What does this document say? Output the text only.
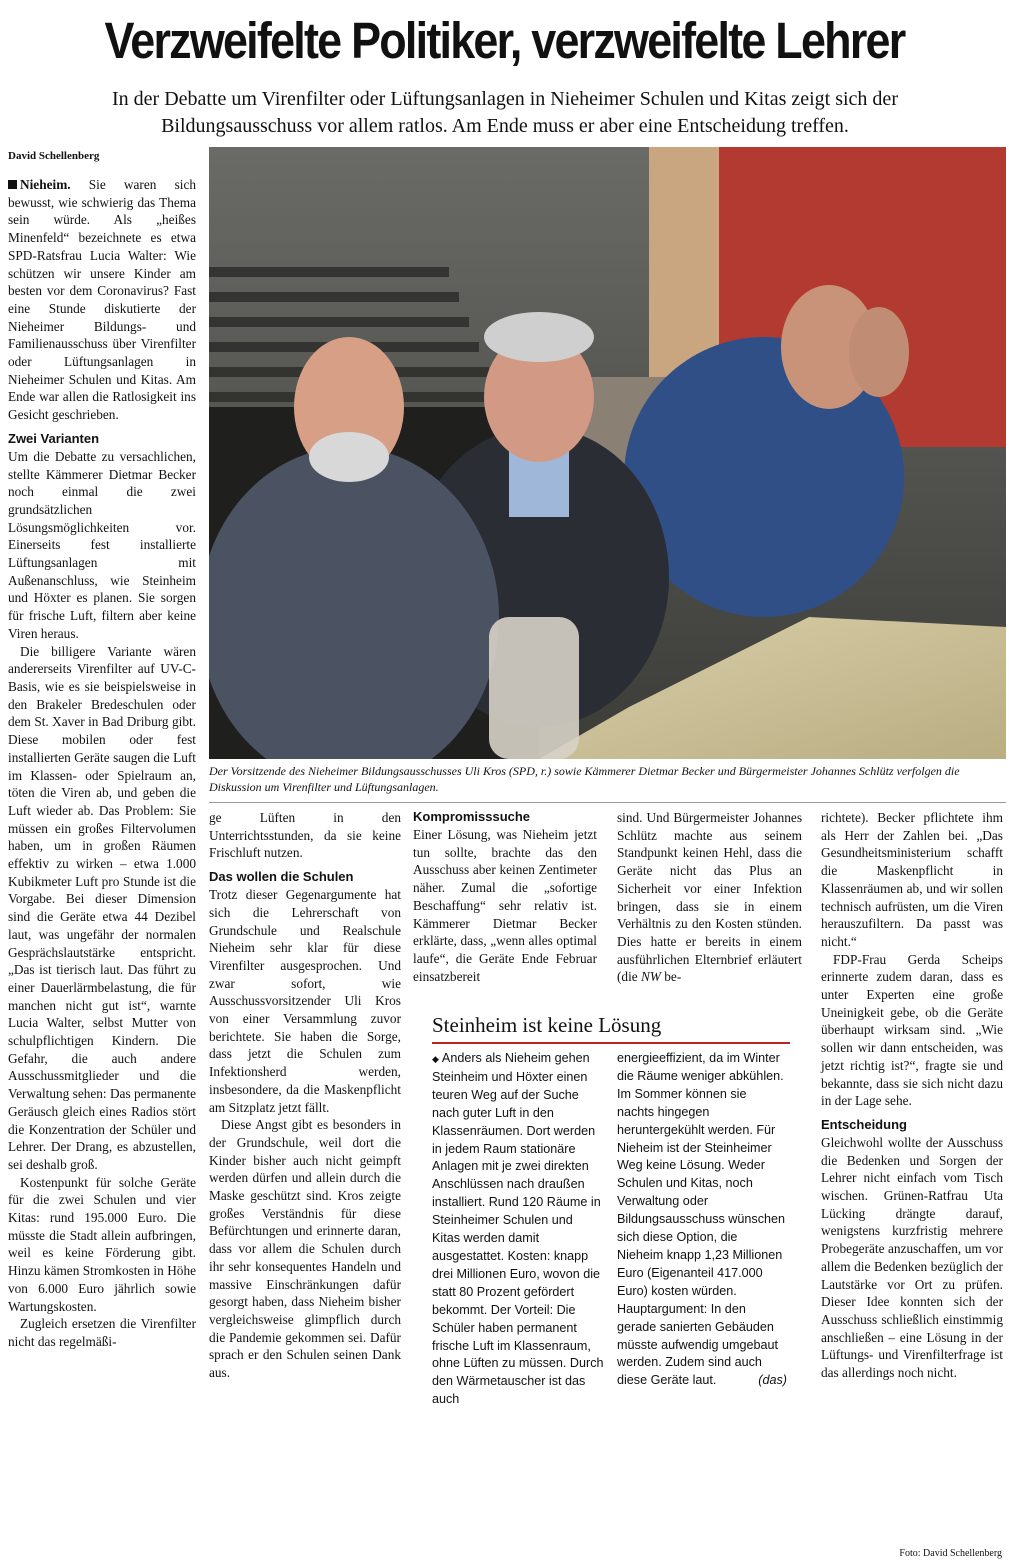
Verzweifelte Politiker, verzweifelte Lehrer
In der Debatte um Virenfilter oder Lüftungsanlagen in Nieheimer Schulen und Kitas zeigt sich der Bildungsausschuss vor allem ratlos. Am Ende muss er aber eine Entscheidung treffen.
David Schellenberg
Der Vorsitzende des Nieheimer Bildungsausschusses Uli Kros (SPD, r.) sowie Kämmerer Dietmar Becker und Bürgermeister Johannes Schlütz verfolgen die Diskussion um Virenfilter und Lüftungsanlagen.
Foto: David Schellenberg

Nieheim. Sie waren sich bewusst, wie schwierig das Thema sein würde. Als „heißes Minenfeld“ bezeichnete es etwa SPD-Ratsfrau Lucia Walter: Wie schützen wir unsere Kinder am besten vor dem Coronavirus? Fast eine Stunde diskutierte der Nieheimer Bildungs- und Familienausschuss über Virenfilter oder Lüftungsanlagen in Nieheimer Schulen und Kitas. Am Ende war allen die Ratlosigkeit ins Gesicht geschrieben.

Zwei Varianten

Um die Debatte zu versachlichen, stellte Kämmerer Dietmar Becker noch einmal die zwei grundsätzlichen Lösungsmöglichkeiten vor. Einerseits fest installierte Lüftungsanlagen mit Außenanschluss, wie Steinheim und Höxter es planen. Sie sorgen für frische Luft, filtern aber keine Viren heraus.

Die billigere Variante wären andererseits Virenfilter auf UV-C-Basis, wie es sie beispielsweise in den Brakeler Bredeschulen oder dem St. Xaver in Bad Driburg gibt. Diese mobilen oder fest installierten Geräte saugen die Luft im Klassen- oder Spielraum an, töten die Viren ab, und geben die Luft wieder ab. Das Problem: Sie müssen ein großes Filtervolumen haben, um in großen Räumen effektiv zu wirken – etwa 1.000 Kubikmeter Luft pro Stunde ist die Vorgabe. Bei dieser Dimension sind die Geräte etwa 44 Dezibel laut, was ungefähr der normalen Gesprächslautstärke entspricht. „Das ist tierisch laut. Das führt zu einer Dauerlärmbelastung, die für manchen nicht gut ist“, warnte Lucia Walter, selbst Mutter von schulpflichtigen Kindern. Die Gefahr, die auch andere Ausschussmitglieder und die Verwaltung sehen: Das permanente Geräusch gleich eines Radios stört die Konzentration der Schüler und Lehrer. Der Drang, es abzustellen, sei deshalb groß.

Kostenpunkt für solche Geräte für die zwei Schulen und vier Kitas: rund 195.000 Euro. Die müsste die Stadt allein aufbringen, weil es keine Förderung gibt. Hinzu kämen Stromkosten in Höhe von 6.000 Euro jährlich sowie Wartungskosten.

Zugleich ersetzen die Virenfilter nicht das regelmäßi-

ge Lüften in den Unterrichtsstunden, da sie keine Frischluft nutzen.

Das wollen die Schulen

Trotz dieser Gegenargumente hat sich die Lehrerschaft von Grundschule und Realschule Nieheim sehr klar für diese Virenfilter ausgesprochen. Und zwar sofort, wie Ausschussvorsitzender Uli Kros von einer Versammlung zuvor berichtete. Sie haben die Sorge, dass jetzt die Schulen zum Infektionsherd werden, insbesondere, da die Maskenpflicht am Sitzplatz jetzt fällt.

Diese Angst gibt es besonders in der Grundschule, weil dort die Kinder bisher auch nicht geimpft werden dürfen und allein durch die Maske geschützt sind. Kros zeigte großes Verständnis für diese Befürchtungen und erinnerte daran, dass vor allem die Schulen durch ihr sehr konsequentes Handeln und massive Einschränkungen dafür gesorgt haben, dass Nieheim bisher vergleichsweise glimpflich durch die Pandemie gekommen sei. Dafür sprach er den Schulen seinen Dank aus.

Kompromisssuche

Einer Lösung, was Nieheim jetzt tun sollte, brachte das den Ausschuss aber keinen Zentimeter näher. Zumal die „sofortige Beschaffung“ sehr relativ ist. Kämmerer Dietmar Becker erklärte, dass, „wenn alles optimal laufe“, die Geräte Ende Februar einsatzbereit

sind. Und Bürgermeister Johannes Schlütz machte aus seinem Standpunkt keinen Hehl, dass die Geräte nicht das Plus an Sicherheit vor einer Infektion bringen, dass sie in einem Verhältnis zu den Kosten stünden. Dies hatte er bereits in einem ausführlichen Elternbrief erläutert (die NW be-

richtete). Becker pflichtete ihm als Herr der Zahlen bei. „Das Gesundheitsministerium schafft die Maskenpflicht in Klassenräumen ab, und wir sollen technisch aufrüsten, um die Viren herauszufiltern. Da passt was nicht.“

FDP-Frau Gerda Scheips erinnerte zudem daran, dass es unter Experten eine große Uneinigkeit gebe, ob die Geräte überhaupt wirksam sind. „Wie sollen wir dann entscheiden, was jetzt richtig ist?“, fragte sie und bekannte, dass sie sich nicht dazu in der Lage sehe.

Entscheidung

Gleichwohl wollte der Ausschuss die Bedenken und Sorgen der Lehrer nicht einfach vom Tisch wischen. Grünen-Ratfrau Uta Lücking drängte darauf, wenigstens kurzfristig mehrere Probegeräte anzuschaffen, um vor allem die Bedenken bezüglich der Lautstärke vor Ort zu prüfen. Dieser Idee konnten sich der Ausschuss schließlich einstimmig anschließen – eine Lösung in der Lüftungs- und Virenfilterfrage ist das allerdings noch nicht.

Steinheim ist keine Lösung

◆ Anders als Nieheim gehen Steinheim und Höxter einen teuren Weg auf der Suche nach guter Luft in den Klassenräumen. Dort werden in jedem Raum stationäre Anlagen mit je zwei direkten Anschlüssen nach draußen installiert. Rund 120 Räume in Steinheimer Schulen und Kitas werden damit ausgestattet. Kosten: knapp drei Millionen Euro, wovon die statt 80 Prozent gefördert bekommt. Der Vorteil: Die Schüler haben permanent frische Luft im Klassenraum, ohne Lüften zu müssen. Durch den Wärmetauscher ist das auch

energieeffizient, da im Winter die Räume weniger abkühlen. Im Sommer können sie nachts hingegen heruntergekühlt werden. Für Nieheim ist der Steinheimer Weg keine Lösung. Weder Schulen und Kitas, noch Verwaltung oder Bildungsausschuss wünschen sich diese Option, die Nieheim knapp 1,23 Millionen Euro (Eigenanteil 417.000 Euro) kosten würden. Hauptargument: In den gerade sanierten Gebäuden müsste aufwendig umgebaut werden. Zudem sind auch diese Geräte laut.	(das)
